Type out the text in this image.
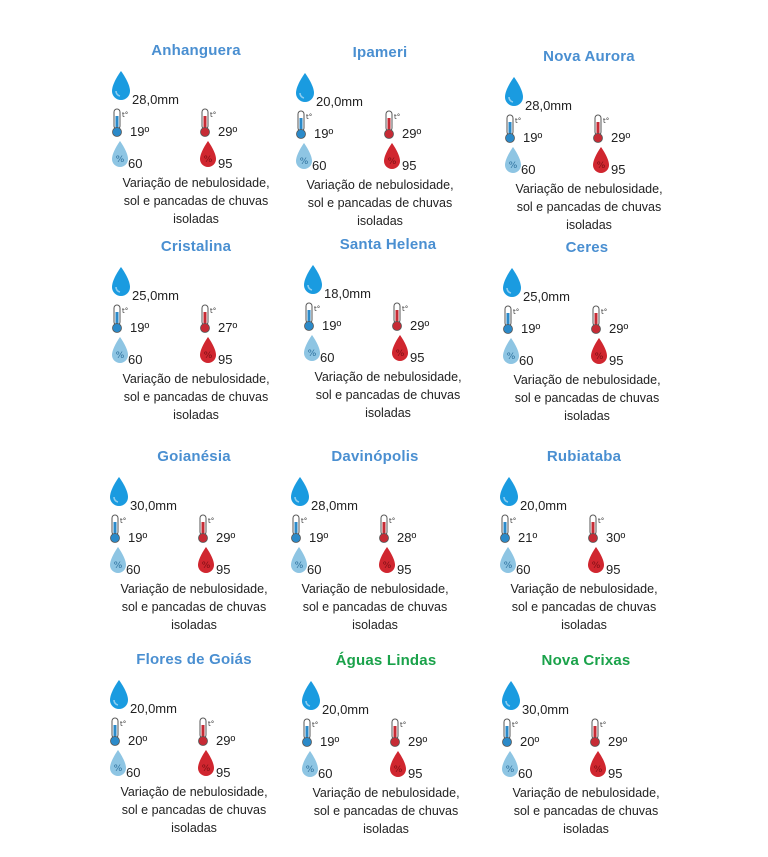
Anhanguera
28,0mm
t°
19º
t°
29º
% 60	% 95
Variação de nebulosidade,
sol e pancadas de chuvas
isoladas
Ipameri
20,0mm
t°
19º
t°
29º
% 60	% 95
Variação de nebulosidade,
sol e pancadas de chuvas
isoladas
Nova Aurora
28,0mm
t°
19º
t°
29º
% 60	% 95
Variação de nebulosidade,
sol e pancadas de chuvas
isoladas
Cristalina
25,0mm
t°
19º
t°
27º
% 60	% 95
Variação de nebulosidade,
sol e pancadas de chuvas
isoladas
Santa Helena
18,0mm
t°
19º
t°
29º
% 60	% 95
Variação de nebulosidade,
sol e pancadas de chuvas
isoladas
Ceres
25,0mm
t°
19º
t°
29º
% 60	% 95
Variação de nebulosidade,
sol e pancadas de chuvas
isoladas
Goianésia
30,0mm
t°
19º
t°
29º
% 60	% 95
Variação de nebulosidade,
sol e pancadas de chuvas
isoladas
Davinópolis
28,0mm
t°
19º
t°
28º
% 60	% 95
Variação de nebulosidade,
sol e pancadas de chuvas
isoladas
Rubiataba
20,0mm
t°
21º
t°
30º
% 60	% 95
Variação de nebulosidade,
sol e pancadas de chuvas
isoladas
Flores de Goiás
20,0mm
t°
20º
t°
29º
% 60	% 95
Variação de nebulosidade,
sol e pancadas de chuvas
isoladas
Águas Lindas
20,0mm
t°
19º
t°
29º
% 60	% 95
Variação de nebulosidade,
sol e pancadas de chuvas
isoladas
Nova Crixas
30,0mm
t°
20º
t°
29º
% 60	% 95
Variação de nebulosidade,
sol e pancadas de chuvas
isoladas
